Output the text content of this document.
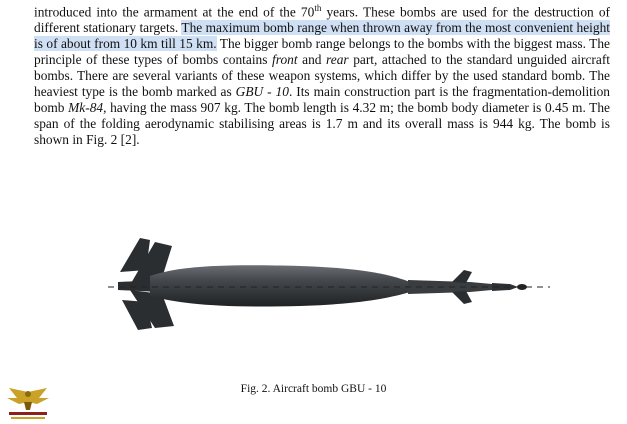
introduced into the armament at the end of the 70th years. These bombs are used for the destruction of different stationary targets. The maximum bomb range when thrown away from the most convenient height is of about from 10 km till 15 km. The bigger bomb range belongs to the bombs with the biggest mass. The principle of these types of bombs contains front and rear part, attached to the standard unguided aircraft bombs. There are several variants of these weapon systems, which differ by the used standard bomb. The heaviest type is the bomb marked as GBU - 10. Its main construction part is the fragmentation-demolition bomb Mk-84, having the mass 907 kg. The bomb length is 4.32 m; the bomb body diameter is 0.45 m. The span of the folding aerodynamic stabilising areas is 1.7 m and its overall mass is 944 kg. The bomb is shown in Fig. 2 [2].
Fig. 2. Aircraft bomb GBU - 10
